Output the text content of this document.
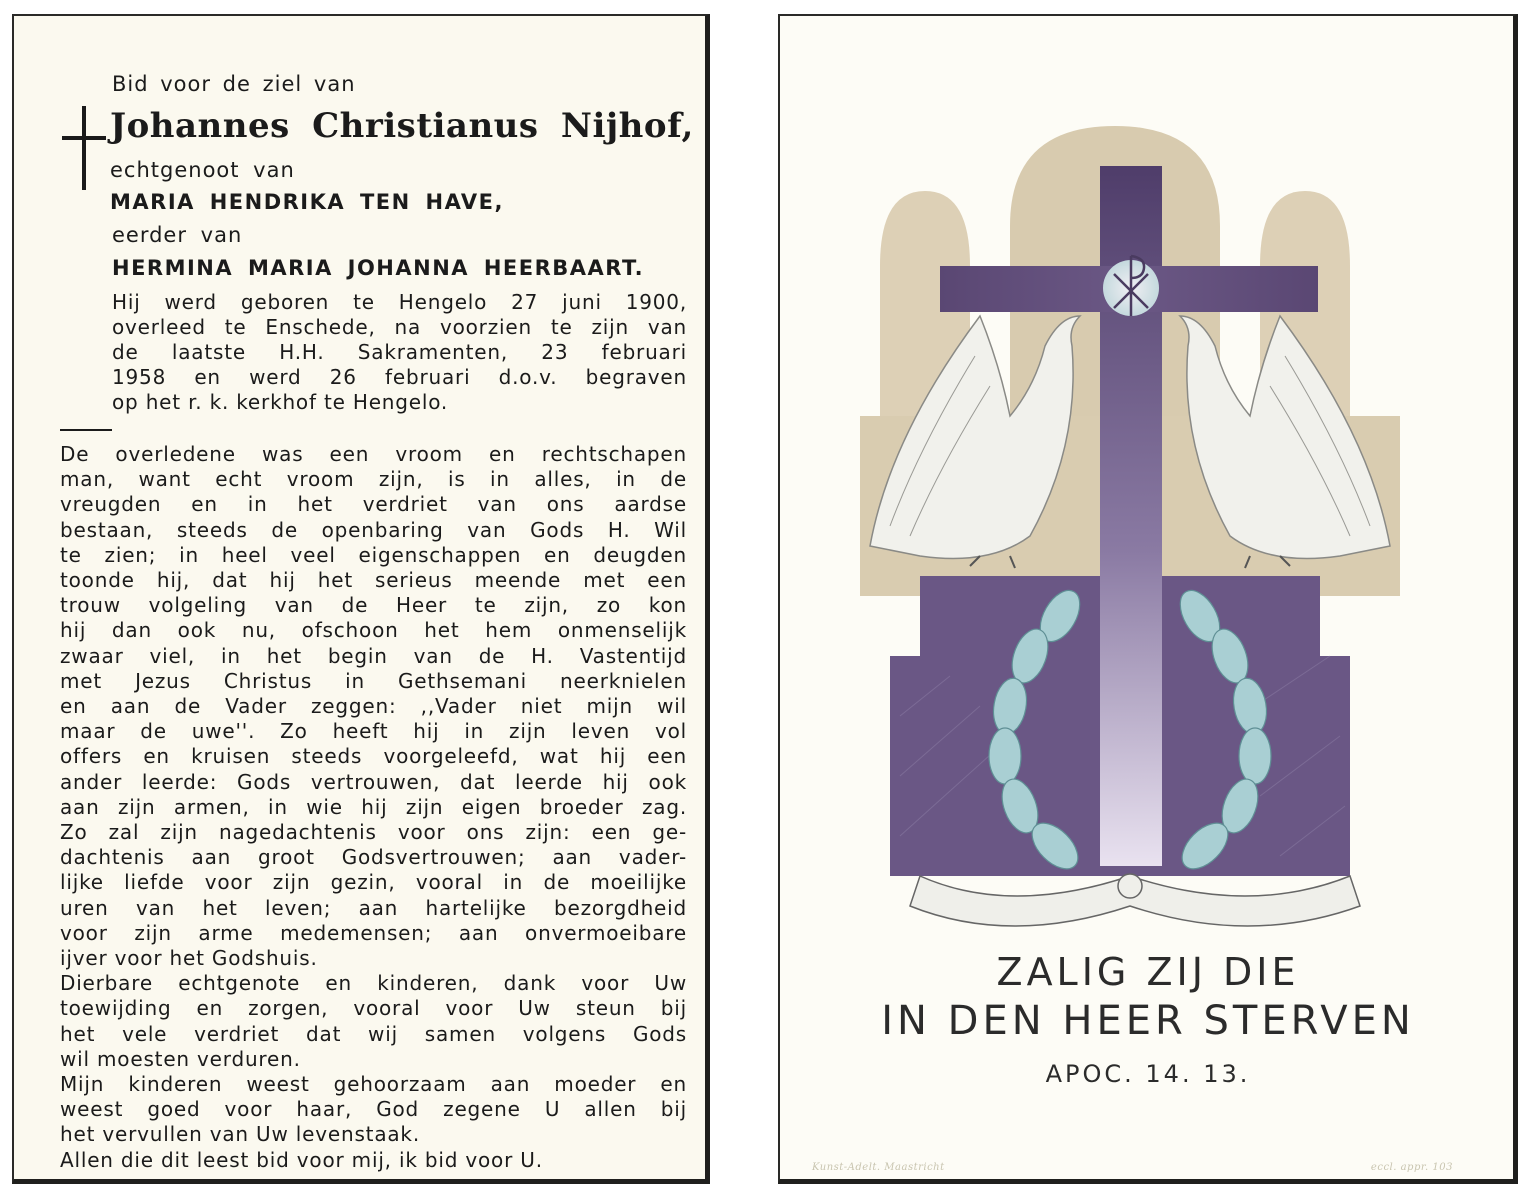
Bid voor de ziel van
Johannes Christianus Nijhof,
echtgenoot van
MARIA HENDRIKA TEN HAVE,
eerder van
HERMINA MARIA JOHANNA HEERBAART.
Hij werd geboren te Hengelo 27 juni 1900,
overleed te Enschede, na voorzien te zijn van
de laatste H.H. Sakramenten, 23 februari
1958 en werd 26 februari d.o.v. begraven
op het r. k. kerkhof te Hengelo.
De overledene was een vroom en rechtschapen
man, want echt vroom zijn, is in alles, in de
vreugden en in het verdriet van ons aardse
bestaan, steeds de openbaring van Gods H. Wil
te zien; in heel veel eigenschappen en deugden
toonde hij, dat hij het serieus meende met een
trouw volgeling van de Heer te zijn, zo kon
hij dan ook nu, ofschoon het hem onmenselijk
zwaar viel, in het begin van de H. Vastentijd
met Jezus Christus in Gethsemani neerknielen
en aan de Vader zeggen: ,,Vader niet mijn wil
maar de uwe''. Zo heeft hij in zijn leven vol
offers en kruisen steeds voorgeleefd, wat hij een
ander leerde: Gods vertrouwen, dat leerde hij ook
aan zijn armen, in wie hij zijn eigen broeder zag.
Zo zal zijn nagedachtenis voor ons zijn: een ge-
dachtenis aan groot Godsvertrouwen; aan vader-
lijke liefde voor zijn gezin, vooral in de moeilijke
uren van het leven; aan hartelijke bezorgdheid
voor zijn arme medemensen; aan onvermoeibare
ijver voor het Godshuis.
Dierbare echtgenote en kinderen, dank voor Uw
toewijding en zorgen, vooral voor Uw steun bij
het vele verdriet dat wij samen volgens Gods
wil moesten verduren.
Mijn kinderen weest gehoorzaam aan moeder en
weest goed voor haar, God zegene U allen bij
het vervullen van Uw levenstaak.
Allen die dit leest bid voor mij, ik bid voor U.
ZALIG ZIJ DIE
IN DEN HEER STERVEN
APOC. 14. 13.
Kunst-Adelt. Maastricht	eccl. appr. 103
